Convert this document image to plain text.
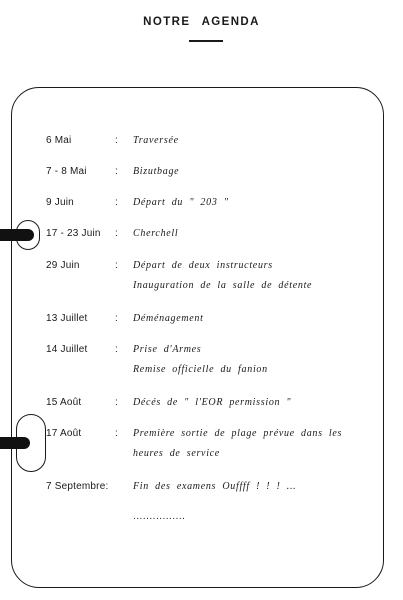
NOTRE AGENDA
6 Mai	: Traversée
7 - 8 Mai	: Bizutbage
9 Juin	: Départ du " 203 "
17 - 23 Juin : Cherchell
29 Juin	: Départ de deux instructeurs
Inauguration de la salle de détente
13 Juillet	: Déménagement
14 Juillet	: Prise d'Armes
Remise officielle du fanion
15 Août	: Décés de " l'EOR permission "
17 Août	: Première sortie de plage prévue dans les
heures de service
7 Septembre: Fin des examens Ouffff ! ! ! ...
................
